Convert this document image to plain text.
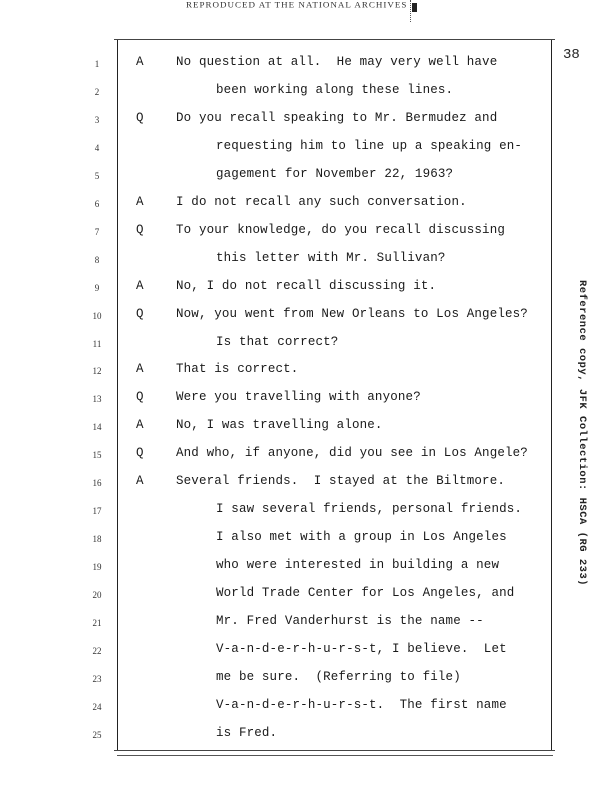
REPRODUCED AT THE NATIONAL ARCHIVES
38
1	A	No question at all.  He may very well have
2	been working along these lines.
3	Q	Do you recall speaking to Mr. Bermudez and
4	requesting him to line up a speaking en-
5	gagement for November 22, 1963?
6	A	I do not recall any such conversation.
7	Q	To your knowledge, do you recall discussing
8	this letter with Mr. Sullivan?
9	A	No, I do not recall discussing it.
10	Q	Now, you went from New Orleans to Los Angeles?
11	Is that correct?
12	A	That is correct.
13	Q	Were you travelling with anyone?
14	A	No, I was travelling alone.
15	Q	And who, if anyone, did you see in Los Angele?
16	A	Several friends.  I stayed at the Biltmore.
17	I saw several friends, personal friends.
18	I also met with a group in Los Angeles
19	who were interested in building a new
20	World Trade Center for Los Angeles, and
21	Mr. Fred Vanderhurst is the name --
22	V-a-n-d-e-r-h-u-r-s-t, I believe.  Let
23	me be sure.  (Referring to file)
24	V-a-n-d-e-r-h-u-r-s-t.  The first name
25	is Fred.
Reference copy, JFK Collection: HSCA (RG 233)
